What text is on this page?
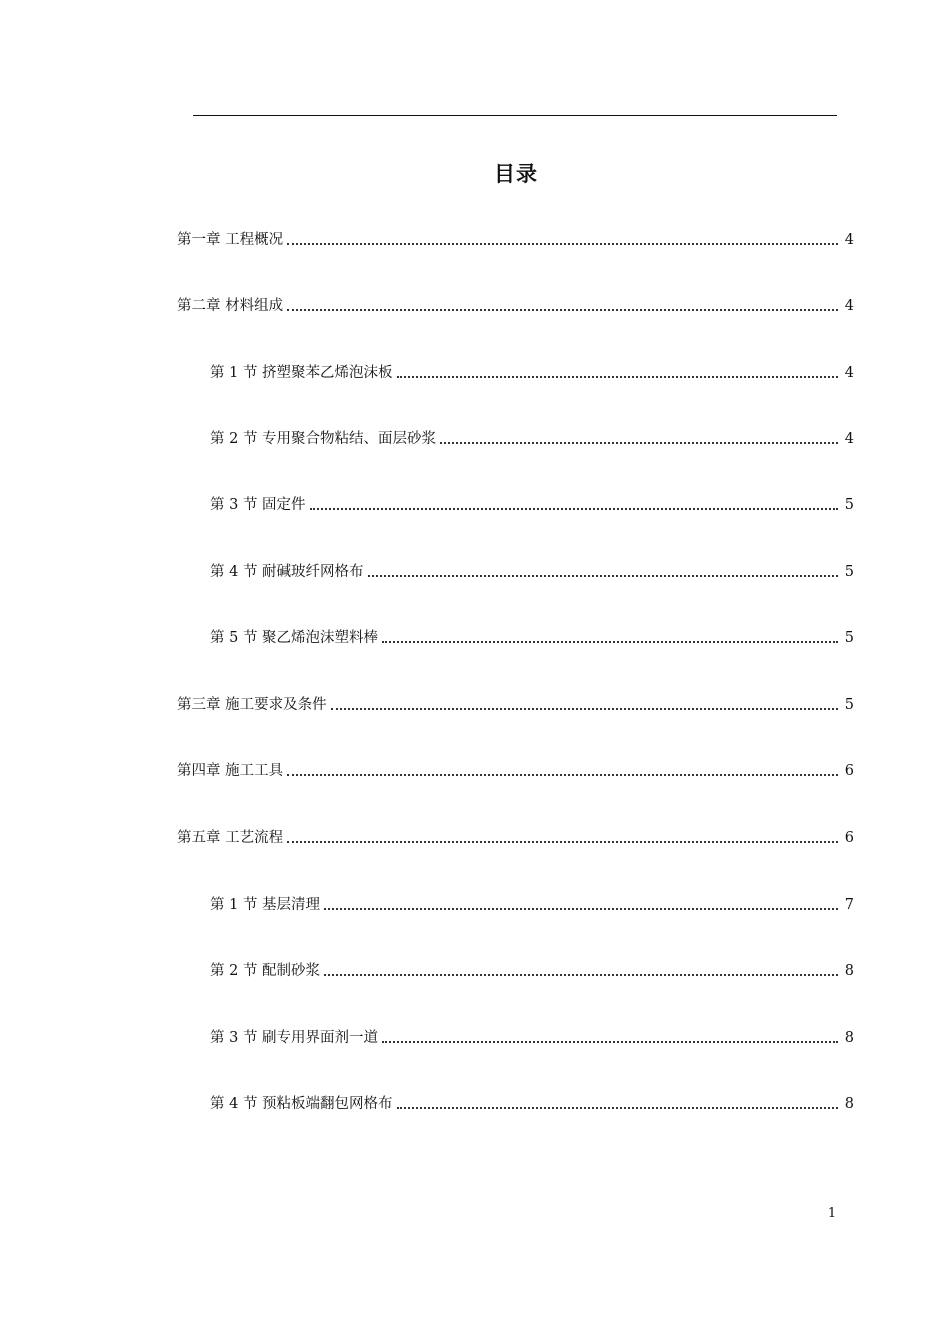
目录
第一章 工程概况	4
第二章 材料组成	4
第 1 节 挤塑聚苯乙烯泡沫板	4
第 2 节 专用聚合物粘结、面层砂浆	4
第 3 节 固定件	5
第 4 节 耐碱玻纤网格布	5
第 5 节 聚乙烯泡沫塑料棒	5
第三章 施工要求及条件	5
第四章 施工工具	6
第五章 工艺流程	6
第 1 节 基层清理	7
第 2 节 配制砂浆	8
第 3 节 刷专用界面剂一道	8
第 4 节 预粘板端翻包网格布	8
1
